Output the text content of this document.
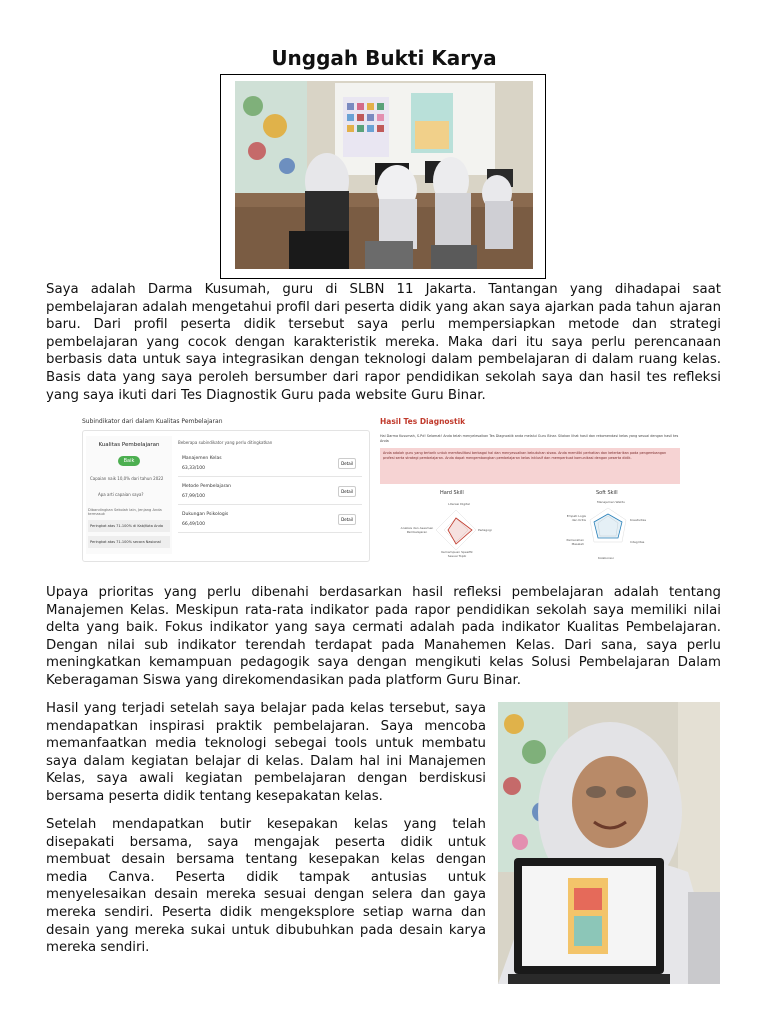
Unggah Bukti Karya

Saya adalah Darma Kusumah, guru di SLBN 11 Jakarta. Tantangan yang dihadapai saat pembelajaran adalah mengetahui profil dari peserta didik yang akan saya ajarkan pada tahun ajaran baru. Dari profil peserta didik tersebut saya perlu mempersiapkan metode dan strategi pembelajaran yang cocok dengan karakteristik mereka. Maka dari itu saya perlu perencanaan berbasis data untuk saya integrasikan dengan teknologi dalam pembelajaran di dalam ruang kelas. Basis data yang saya peroleh bersumber dari rapor pendidikan sekolah saya dan hasil tes refleksi yang saya ikuti dari Tes Diagnostik Guru pada website Guru Binar.

Subindikator dari dalam Kualitas Pembelajaran
Kualitas Pembelajaran
Baik
Capaian naik 10,0% dari tahun 2022
Apa arti capaian saya?
Dibandingkan Sekolah lain, Jenjang Anda termasuk
Peringkat atas 71-100% di Kab/Kota Anda
Peringkat atas 71-100% secara Nasional
Beberapa subindikator yang perlu ditingkatkan
Manajemen Kelas
63,33/100
Detail
Metode Pembelajaran
67,99/100
Detail
Dukungan Psikologis
66,49/100
Detail
Hasil Tes Diagnostik
Hai Darma Kusumah, S.Pd! Selamat! Anda telah menyelesaikan Tes Diagnostik anda melalui Guru Binar. Silakan lihat hasil dan rekomendasi kelas yang sesuai dengan hasil tes Anda
Anda adalah guru yang tertarik untuk memfasilitasi berbagai hal dan menyesuaikan kebutuhan siswa. Anda memiliki perhatian dan ketertarikan pada pengembangan profesi serta strategi pembelajaran. Anda dapat mengembangkan pembelajaran kelas inklusif dan memperkuat komunikasi dengan peserta didik.
Hard Skill	Soft Skill
Literasi Digital
Pedagogi
Kemampuan Spesifik Sesuai Topik
Analisis dan Asesmen Pembelajaran
Manajemen Waktu
Kolaborasi
Integritas
Kreativitas
Pemecahan Masalah
Empati Logis dan Kritis

Upaya prioritas yang perlu dibenahi berdasarkan hasil refleksi pembelajaran adalah tentang Manajemen Kelas. Meskipun rata-rata indikator pada rapor pendidikan sekolah saya memiliki nilai delta yang baik. Fokus indikator yang saya cermati adalah pada indikator Kualitas Pembelajaran. Dengan nilai sub indikator terendah terdapat pada Manahemen Kelas. Dari sana, saya perlu meningkatkan kemampuan pedagogik saya dengan mengikuti kelas Solusi Pembelajaran Dalam Keberagaman Siswa yang direkomendasikan pada platform Guru Binar.

Hasil yang terjadi setelah saya belajar pada kelas tersebut, saya mendapatkan inspirasi praktik pembelajaran. Saya mencoba memanfaatkan media teknologi sebegai tools untuk membatu saya dalam kegiatan belajar di kelas. Dalam hal ini Manajemen Kelas, saya awali kegiatan pembelajaran dengan berdiskusi bersama peserta didik tentang kesepakatan kelas.

Setelah mendapatkan butir kesepakan kelas yang telah disepakati bersama, saya mengajak peserta didik untuk membuat desain bersama tentang kesepakan kelas dengan media Canva. Peserta didik tampak antusias untuk menyelesaikan desain mereka sesuai dengan selera dan gaya mereka sendiri. Peserta didik mengeksplore setiap warna dan desain yang mereka sukai untuk dibubuhkan pada desain karya mereka sendiri.
